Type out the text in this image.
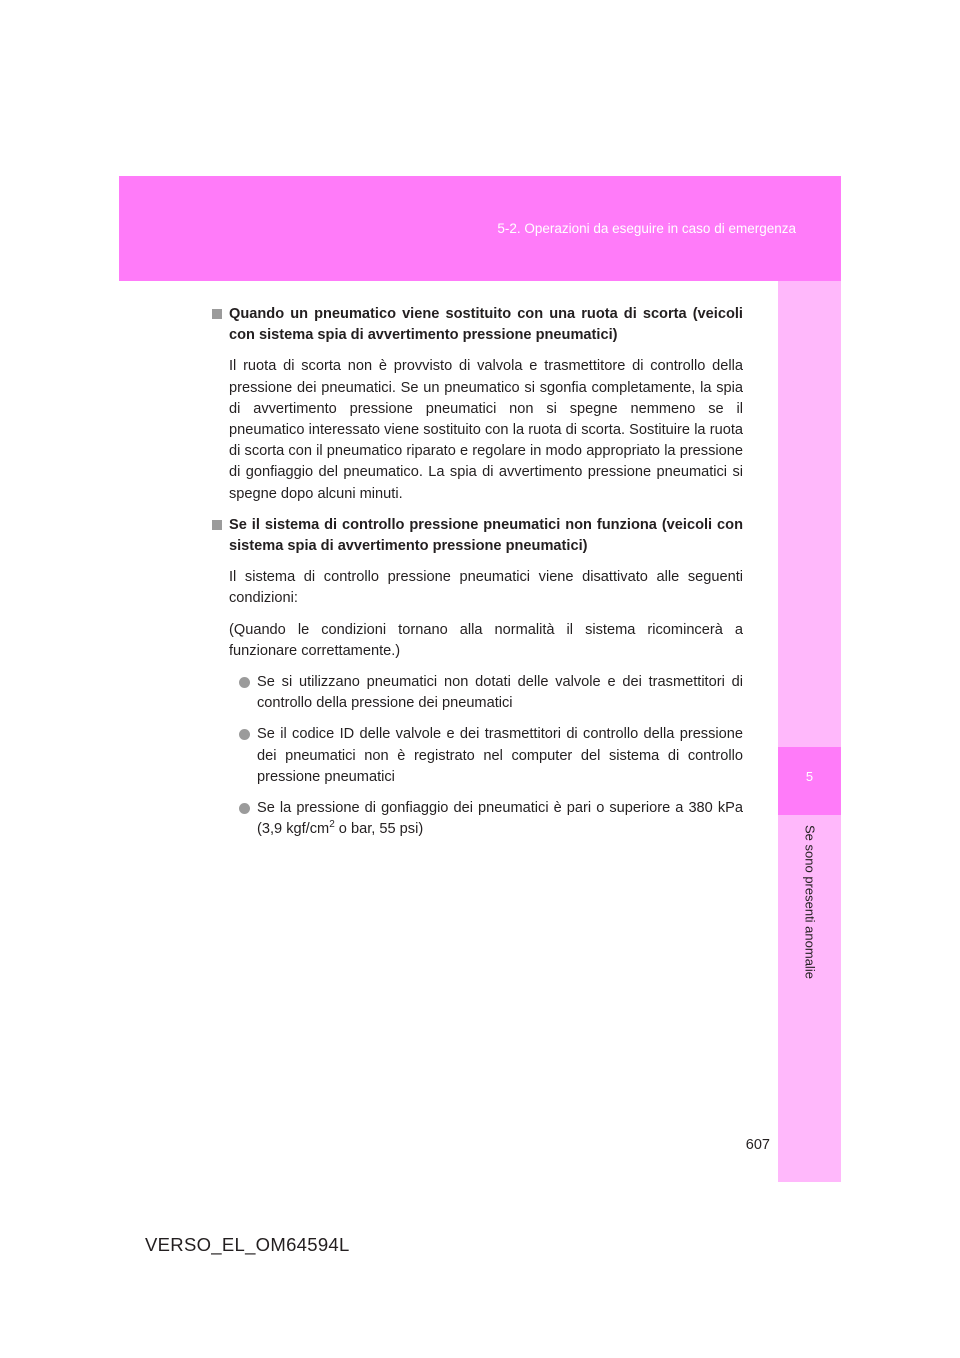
5-2. Operazioni da eseguire in caso di emergenza
5
Se sono presenti anomalie

Quando un pneumatico viene sostituito con una ruota di scorta (veicoli con sistema spia di avvertimento pressione pneumatici)

Il ruota di scorta non è provvisto di valvola e trasmettitore di controllo della pressione dei pneumatici. Se un pneumatico si sgonfia completamente, la spia di avvertimento pressione pneumatici non si spegne nemmeno se il pneumatico interessato viene sostituito con la ruota di scorta. Sostituire la ruota di scorta con il pneumatico riparato e regolare in modo appropriato la pressione di gonfiaggio del pneumatico. La spia di avvertimento pressione pneumatici si spegne dopo alcuni minuti.

Se il sistema di controllo pressione pneumatici non funziona (veicoli con sistema spia di avvertimento pressione pneumatici)

Il sistema di controllo pressione pneumatici viene disattivato alle seguenti condizioni:

(Quando le condizioni tornano alla normalità il sistema ricomincerà a funzionare correttamente.)

Se si utilizzano pneumatici non dotati delle valvole e dei trasmettitori di controllo della pressione dei pneumatici
Se il codice ID delle valvole e dei trasmettitori di controllo della pressione dei pneumatici non è registrato nel computer del sistema di controllo pressione pneumatici
Se la pressione di gonfiaggio dei pneumatici è pari o superiore a 380 kPa (3,9 kgf/$cm^2$ o bar, 55 psi)
607
VERSO_EL_OM64594L
